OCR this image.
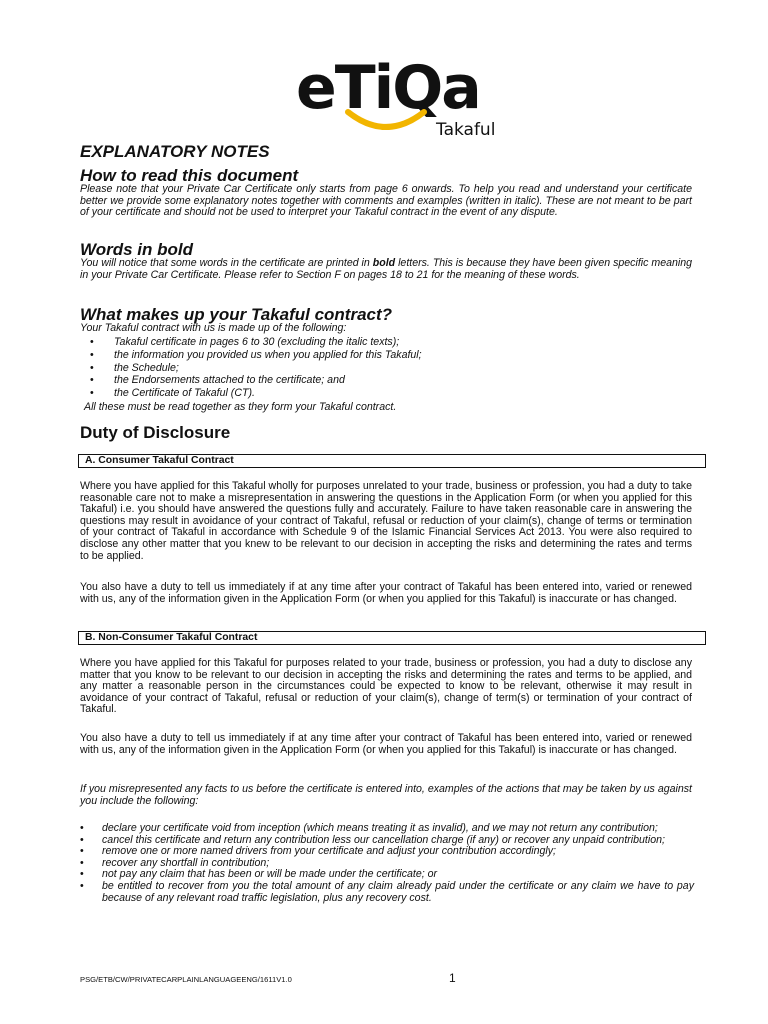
eTiQa
Takaful
EXPLANATORY NOTES
How to read this document

Please note that your Private Car Certificate only starts from page 6 onwards. To help you read and understand your certificate better we provide some explanatory notes together with comments and examples (written in italic). These are not meant to be part of your certificate and should not be used to interpret your Takaful contract in the event of any dispute.

Words in bold

You will notice that some words in the certificate are printed in bold letters. This is because they have been given specific meaning in your Private Car Certificate. Please refer to Section F on pages 18 to 21 for the meaning of these words.

What makes up your Takaful contract?

Your Takaful contract with us is made up of the following:

• Takaful certificate in pages 6 to 30 (excluding the italic texts);
• the information you provided us when you applied for this Takaful;
• the Schedule;
• the Endorsements attached to the certificate; and
• the Certificate of Takaful (CT).

All these must be read together as they form your Takaful contract.

Duty of Disclosure
A. Consumer Takaful Contract

Where you have applied for this Takaful wholly for purposes unrelated to your trade, business or profession, you had a duty to take reasonable care not to make a misrepresentation in answering the questions in the Application Form (or when you applied for this Takaful) i.e. you should have answered the questions fully and accurately. Failure to have taken reasonable care in answering the questions may result in avoidance of your contract of Takaful, refusal or reduction of your claim(s), change of terms or termination of your contract of Takaful in accordance with Schedule 9 of the Islamic Financial Services Act 2013. You were also required to disclose any other matter that you knew to be relevant to our decision in accepting the risks and determining the rates and terms to be applied.

You also have a duty to tell us immediately if at any time after your contract of Takaful has been entered into, varied or renewed with us, any of the information given in the Application Form (or when you applied for this Takaful) is inaccurate or has changed.

B. Non-Consumer Takaful Contract

Where you have applied for this Takaful for purposes related to your trade, business or profession, you had a duty to disclose any matter that you know to be relevant to our decision in accepting the risks and determining the rates and terms to be applied, and any matter a reasonable person in the circumstances could be expected to know to be relevant, otherwise it may result in avoidance of your contract of Takaful, refusal or reduction of your claim(s), change of term(s) or termination of your contract of Takaful.

You also have a duty to tell us immediately if at any time after your contract of Takaful has been entered into, varied or renewed with us, any of the information given in the Application Form (or when you applied for this Takaful) is inaccurate or has changed.

If you misrepresented any facts to us before the certificate is entered into, examples of the actions that may be taken by us against you include the following:

• declare your certificate void from inception (which means treating it as invalid), and we may not return any contribution;
• cancel this certificate and return any contribution less our cancellation charge (if any) or recover any unpaid contribution;
• remove one or more named drivers from your certificate and adjust your contribution accordingly;
• recover any shortfall in contribution;
• not pay any claim that has been or will be made under the certificate; or
• be entitled to recover from you the total amount of any claim already paid under the certificate or any claim we have to pay because of any relevant road traffic legislation, plus any recovery cost.
PSG/ETB/CW/PRIVATECARPLAINLANGUAGEENG/1611V1.0	1
